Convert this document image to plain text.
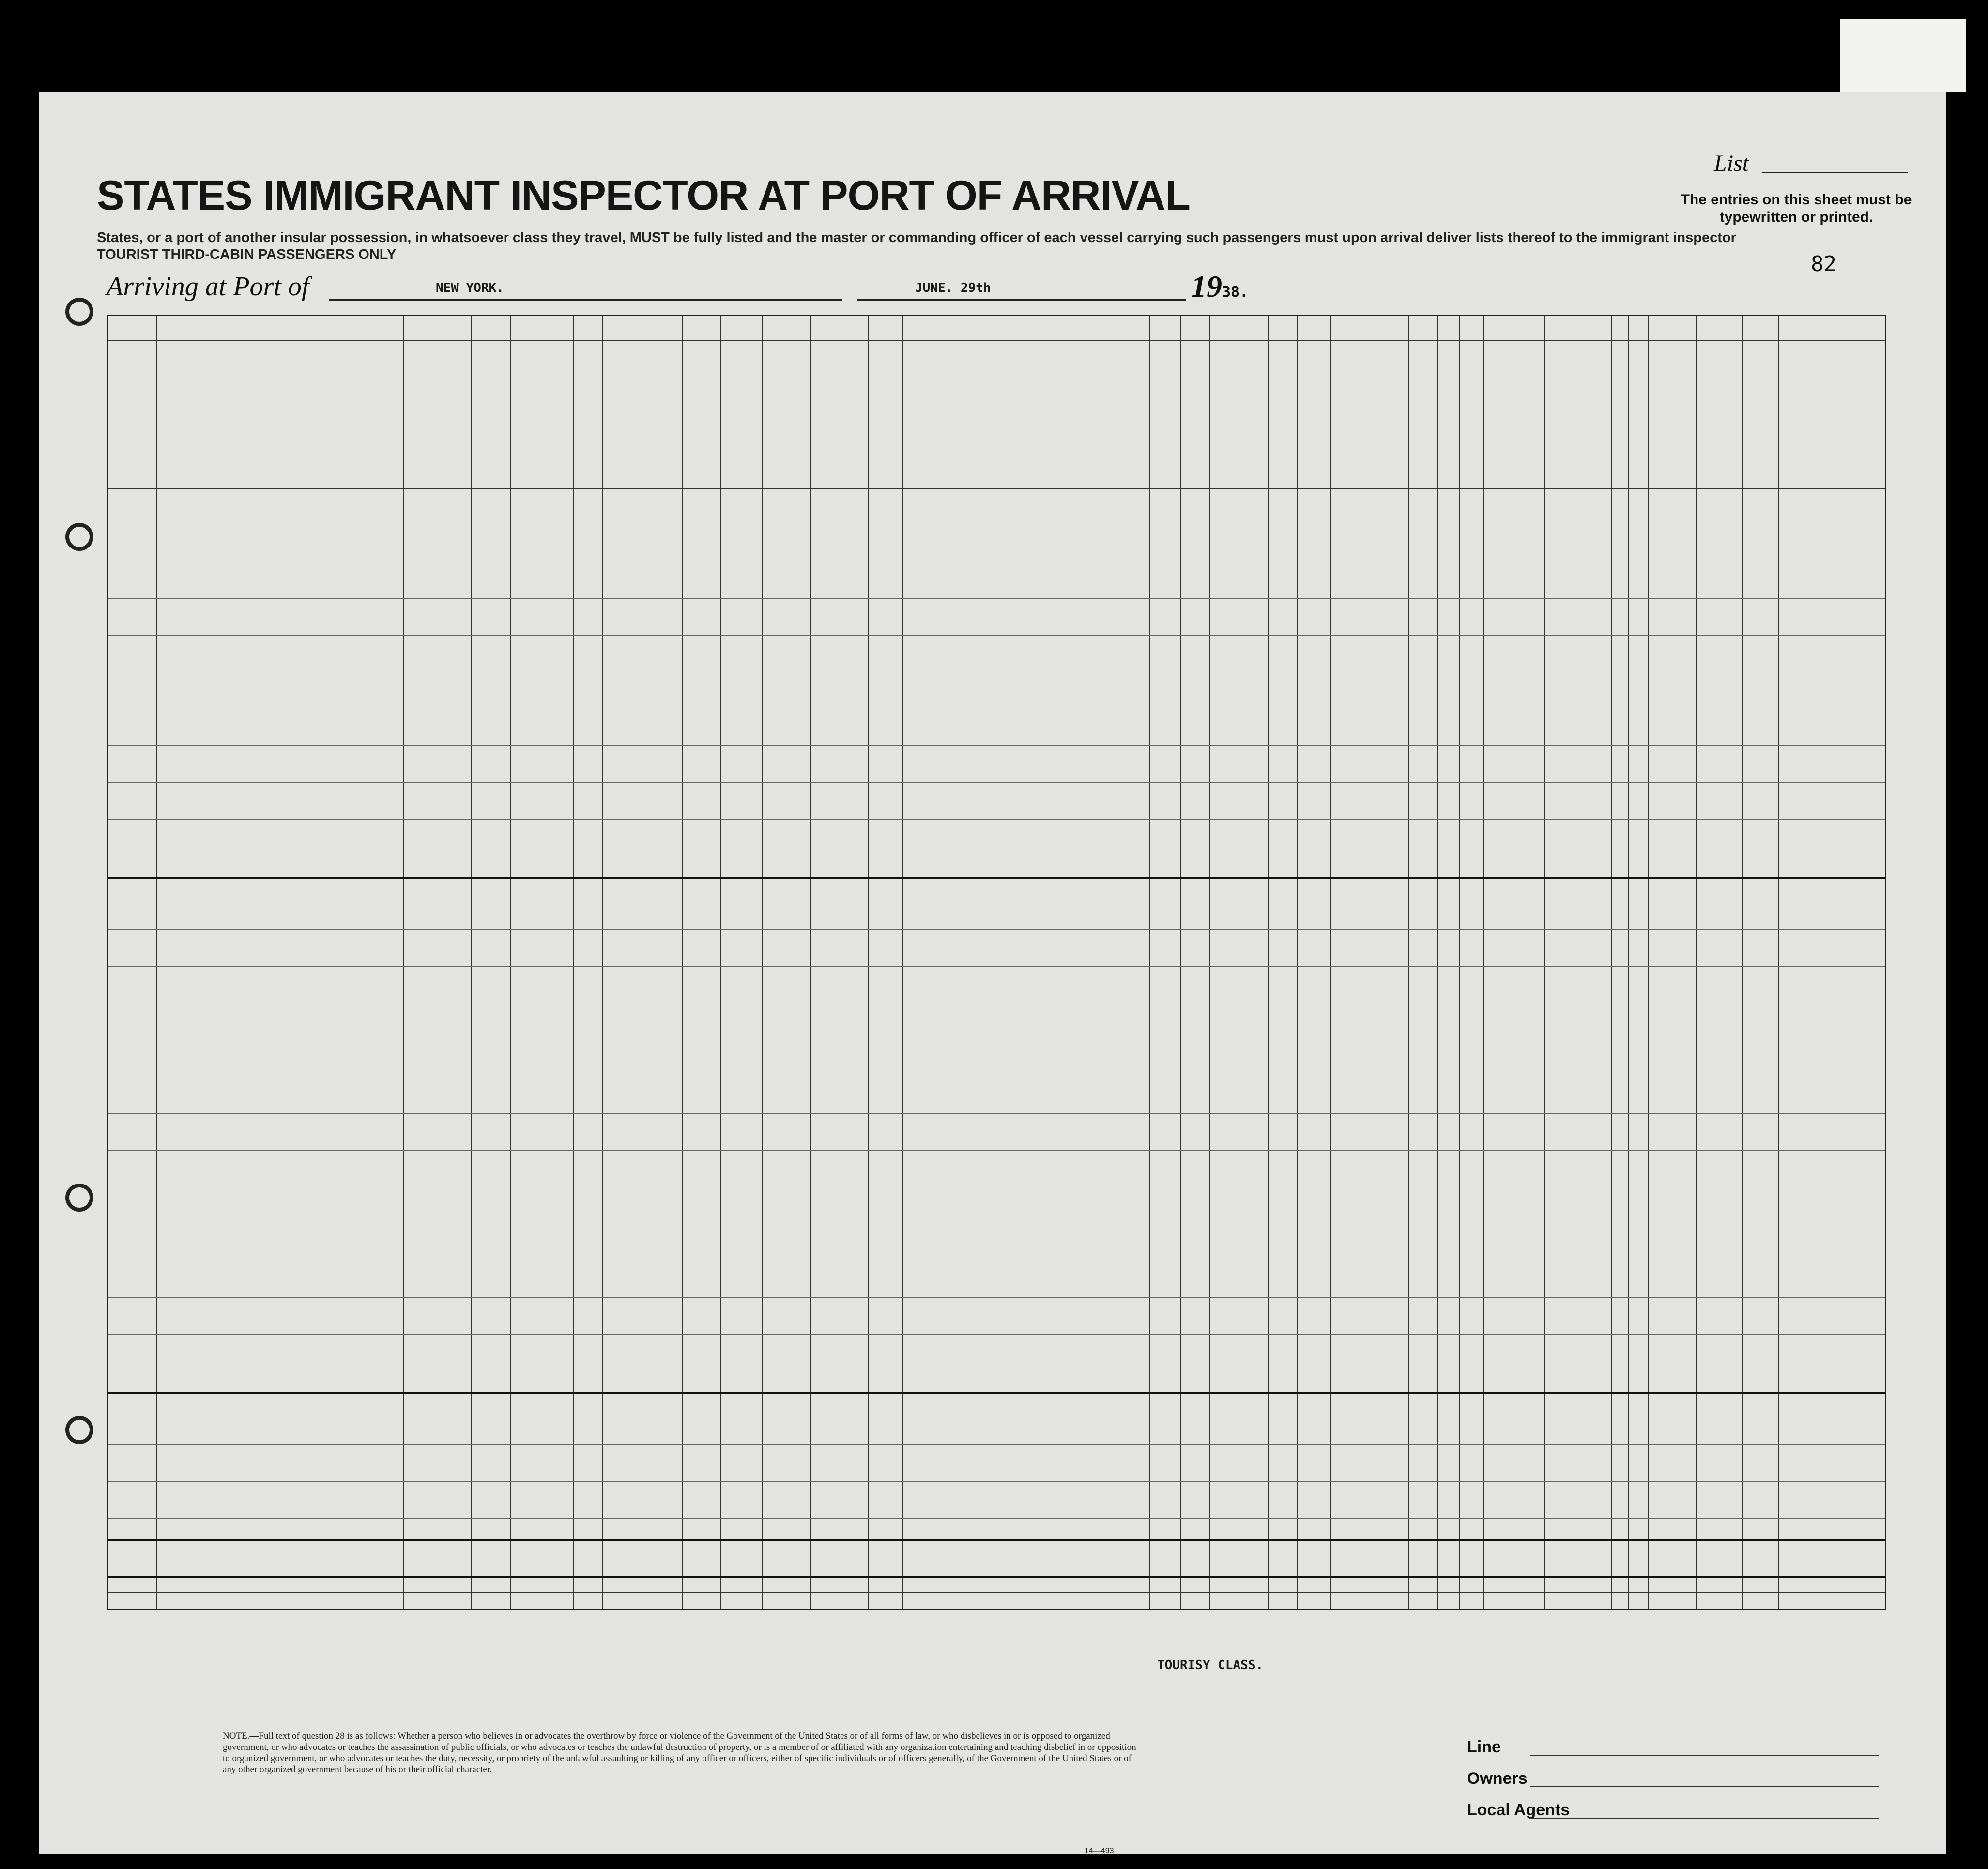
STATES IMMIGRANT INSPECTOR AT PORT OF ARRIVAL
States, or a port of another insular possession, in whatsoever class they travel, MUST be fully listed and the master or commanding officer of each vessel carrying such passengers must upon arrival deliver lists thereof to the immigrant inspector
TOURIST THIRD-CABIN PASSENGERS ONLY
List
The entries on this sheet must be typewritten or printed.
82
Arriving at Port of	NEW YORK.	JUNE. 29th	1938.
TOURISY CLASS.
NOTE.—Full text of question 28 is as follows: Whether a person who believes in or advocates the overthrow by force or violence of the Government of the United States or of all forms of law, or who disbelieves in or is opposed to organized government, or who advocates or teaches the assassination of public officials, or who advocates or teaches the unlawful destruction of property, or is a member of or affiliated with any organization entertaining and teaching disbelief in or opposition to organized government, or who advocates or teaches the duty, necessity, or propriety of the unlawful assaulting or killing of any officer or officers, either of specific individuals or of officers generally, of the Government of the United States or of any other organized government because of his or their official character.
Line
Owners
Local Agents
14—493
